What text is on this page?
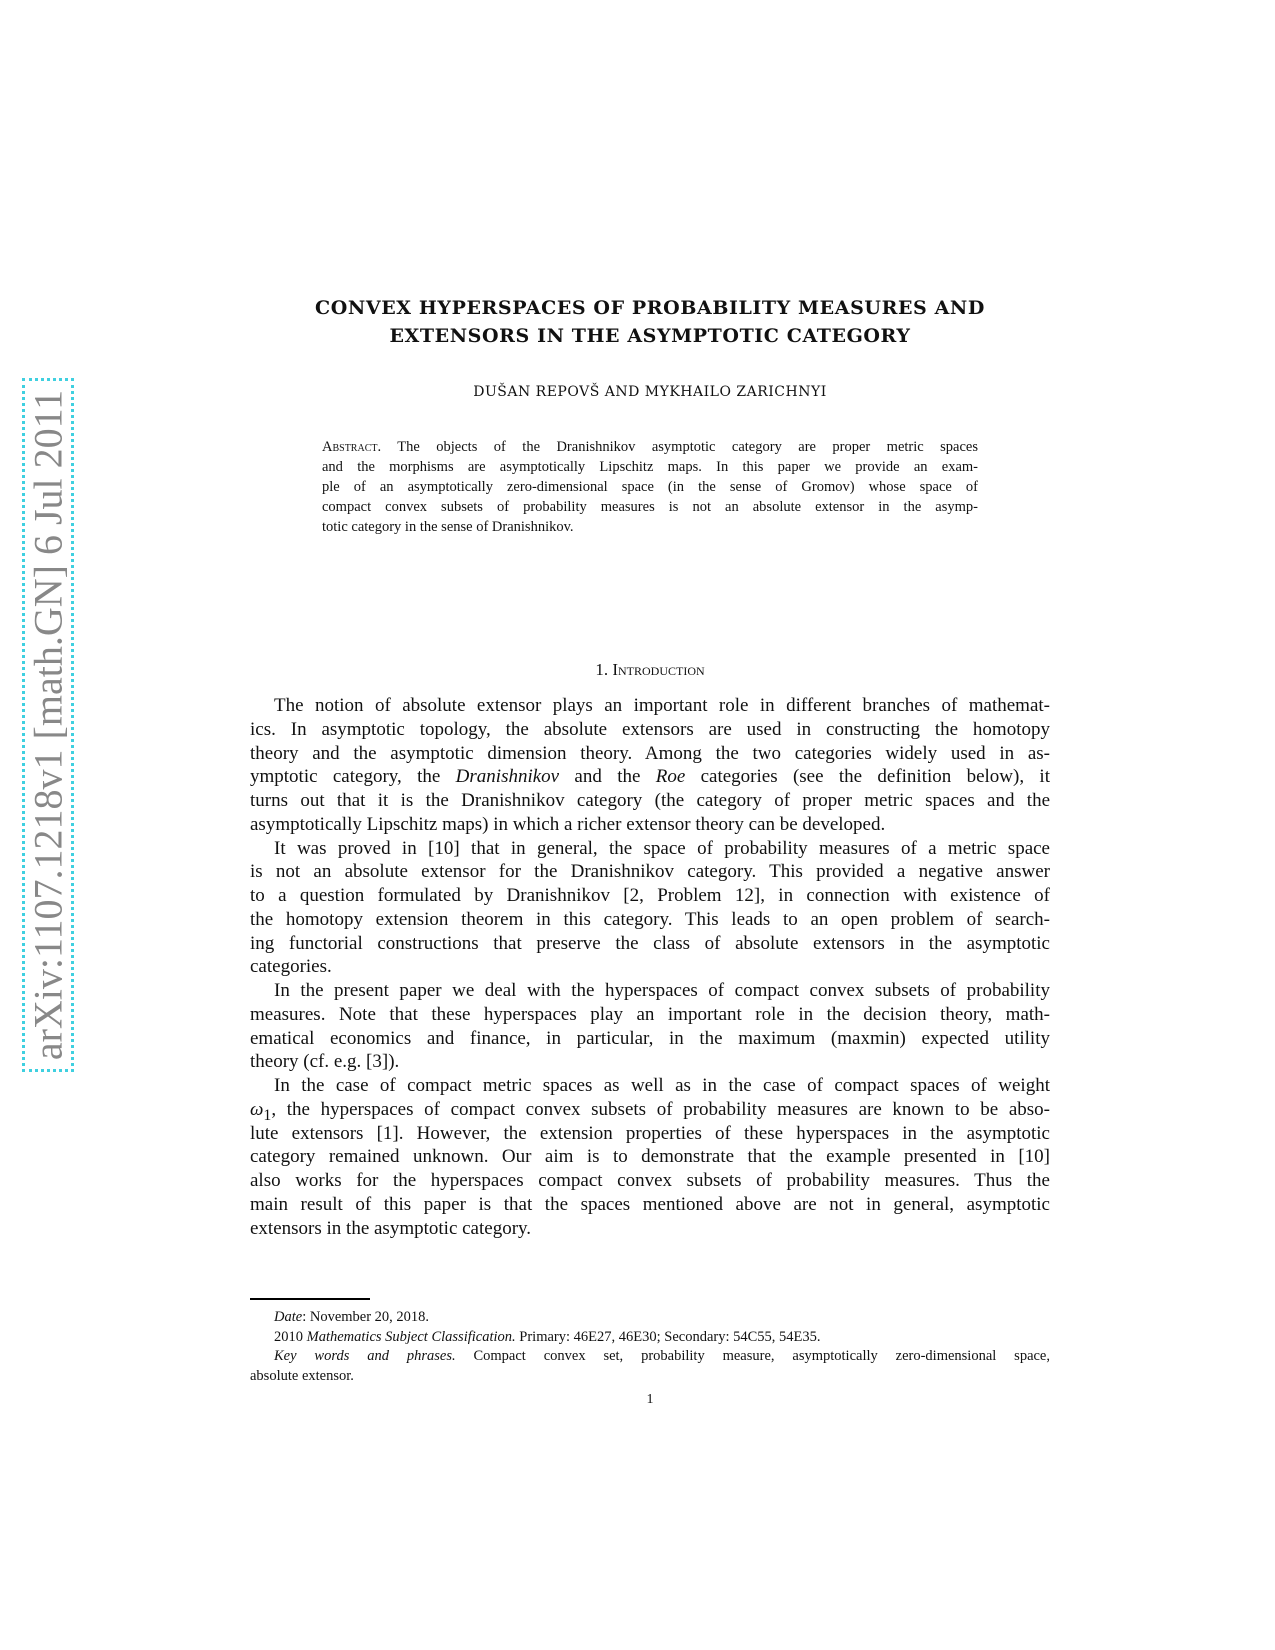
arXiv:1107.1218v1 [math.GN] 6 Jul 2011
CONVEX HYPERSPACES OF PROBABILITY MEASURES AND
EXTENSORS IN THE ASYMPTOTIC CATEGORY
DUŠAN REPOVŠ AND MYKHAILO ZARICHNYI
Abstract. The objects of the Dranishnikov asymptotic category are proper metric spaces
and the morphisms are asymptotically Lipschitz maps. In this paper we provide an exam-
ple of an asymptotically zero-dimensional space (in the sense of Gromov) whose space of
compact convex subsets of probability measures is not an absolute extensor in the asymp-
totic category in the sense of Dranishnikov.
1. Introduction
The notion of absolute extensor plays an important role in different branches of mathemat-
ics. In asymptotic topology, the absolute extensors are used in constructing the homotopy
theory and the asymptotic dimension theory. Among the two categories widely used in as-
ymptotic category, the Dranishnikov and the Roe categories (see the definition below), it
turns out that it is the Dranishnikov category (the category of proper metric spaces and the
asymptotically Lipschitz maps) in which a richer extensor theory can be developed.
It was proved in [10] that in general, the space of probability measures of a metric space
is not an absolute extensor for the Dranishnikov category. This provided a negative answer
to a question formulated by Dranishnikov [2, Problem 12], in connection with existence of
the homotopy extension theorem in this category. This leads to an open problem of search-
ing functorial constructions that preserve the class of absolute extensors in the asymptotic
categories.
In the present paper we deal with the hyperspaces of compact convex subsets of probability
measures. Note that these hyperspaces play an important role in the decision theory, math-
ematical economics and finance, in particular, in the maximum (maxmin) expected utility
theory (cf. e.g. [3]).
In the case of compact metric spaces as well as in the case of compact spaces of weight
$\omega_1$, the hyperspaces of compact convex subsets of probability measures are known to be abso-
lute extensors [1]. However, the extension properties of these hyperspaces in the asymptotic
category remained unknown. Our aim is to demonstrate that the example presented in [10]
also works for the hyperspaces compact convex subsets of probability measures. Thus the
main result of this paper is that the spaces mentioned above are not in general, asymptotic
extensors in the asymptotic category.
Date: November 20, 2018.
2010 Mathematics Subject Classification. Primary: 46E27, 46E30; Secondary: 54C55, 54E35.
Key words and phrases. Compact convex set, probability measure, asymptotically zero-dimensional space,
absolute extensor.
1
